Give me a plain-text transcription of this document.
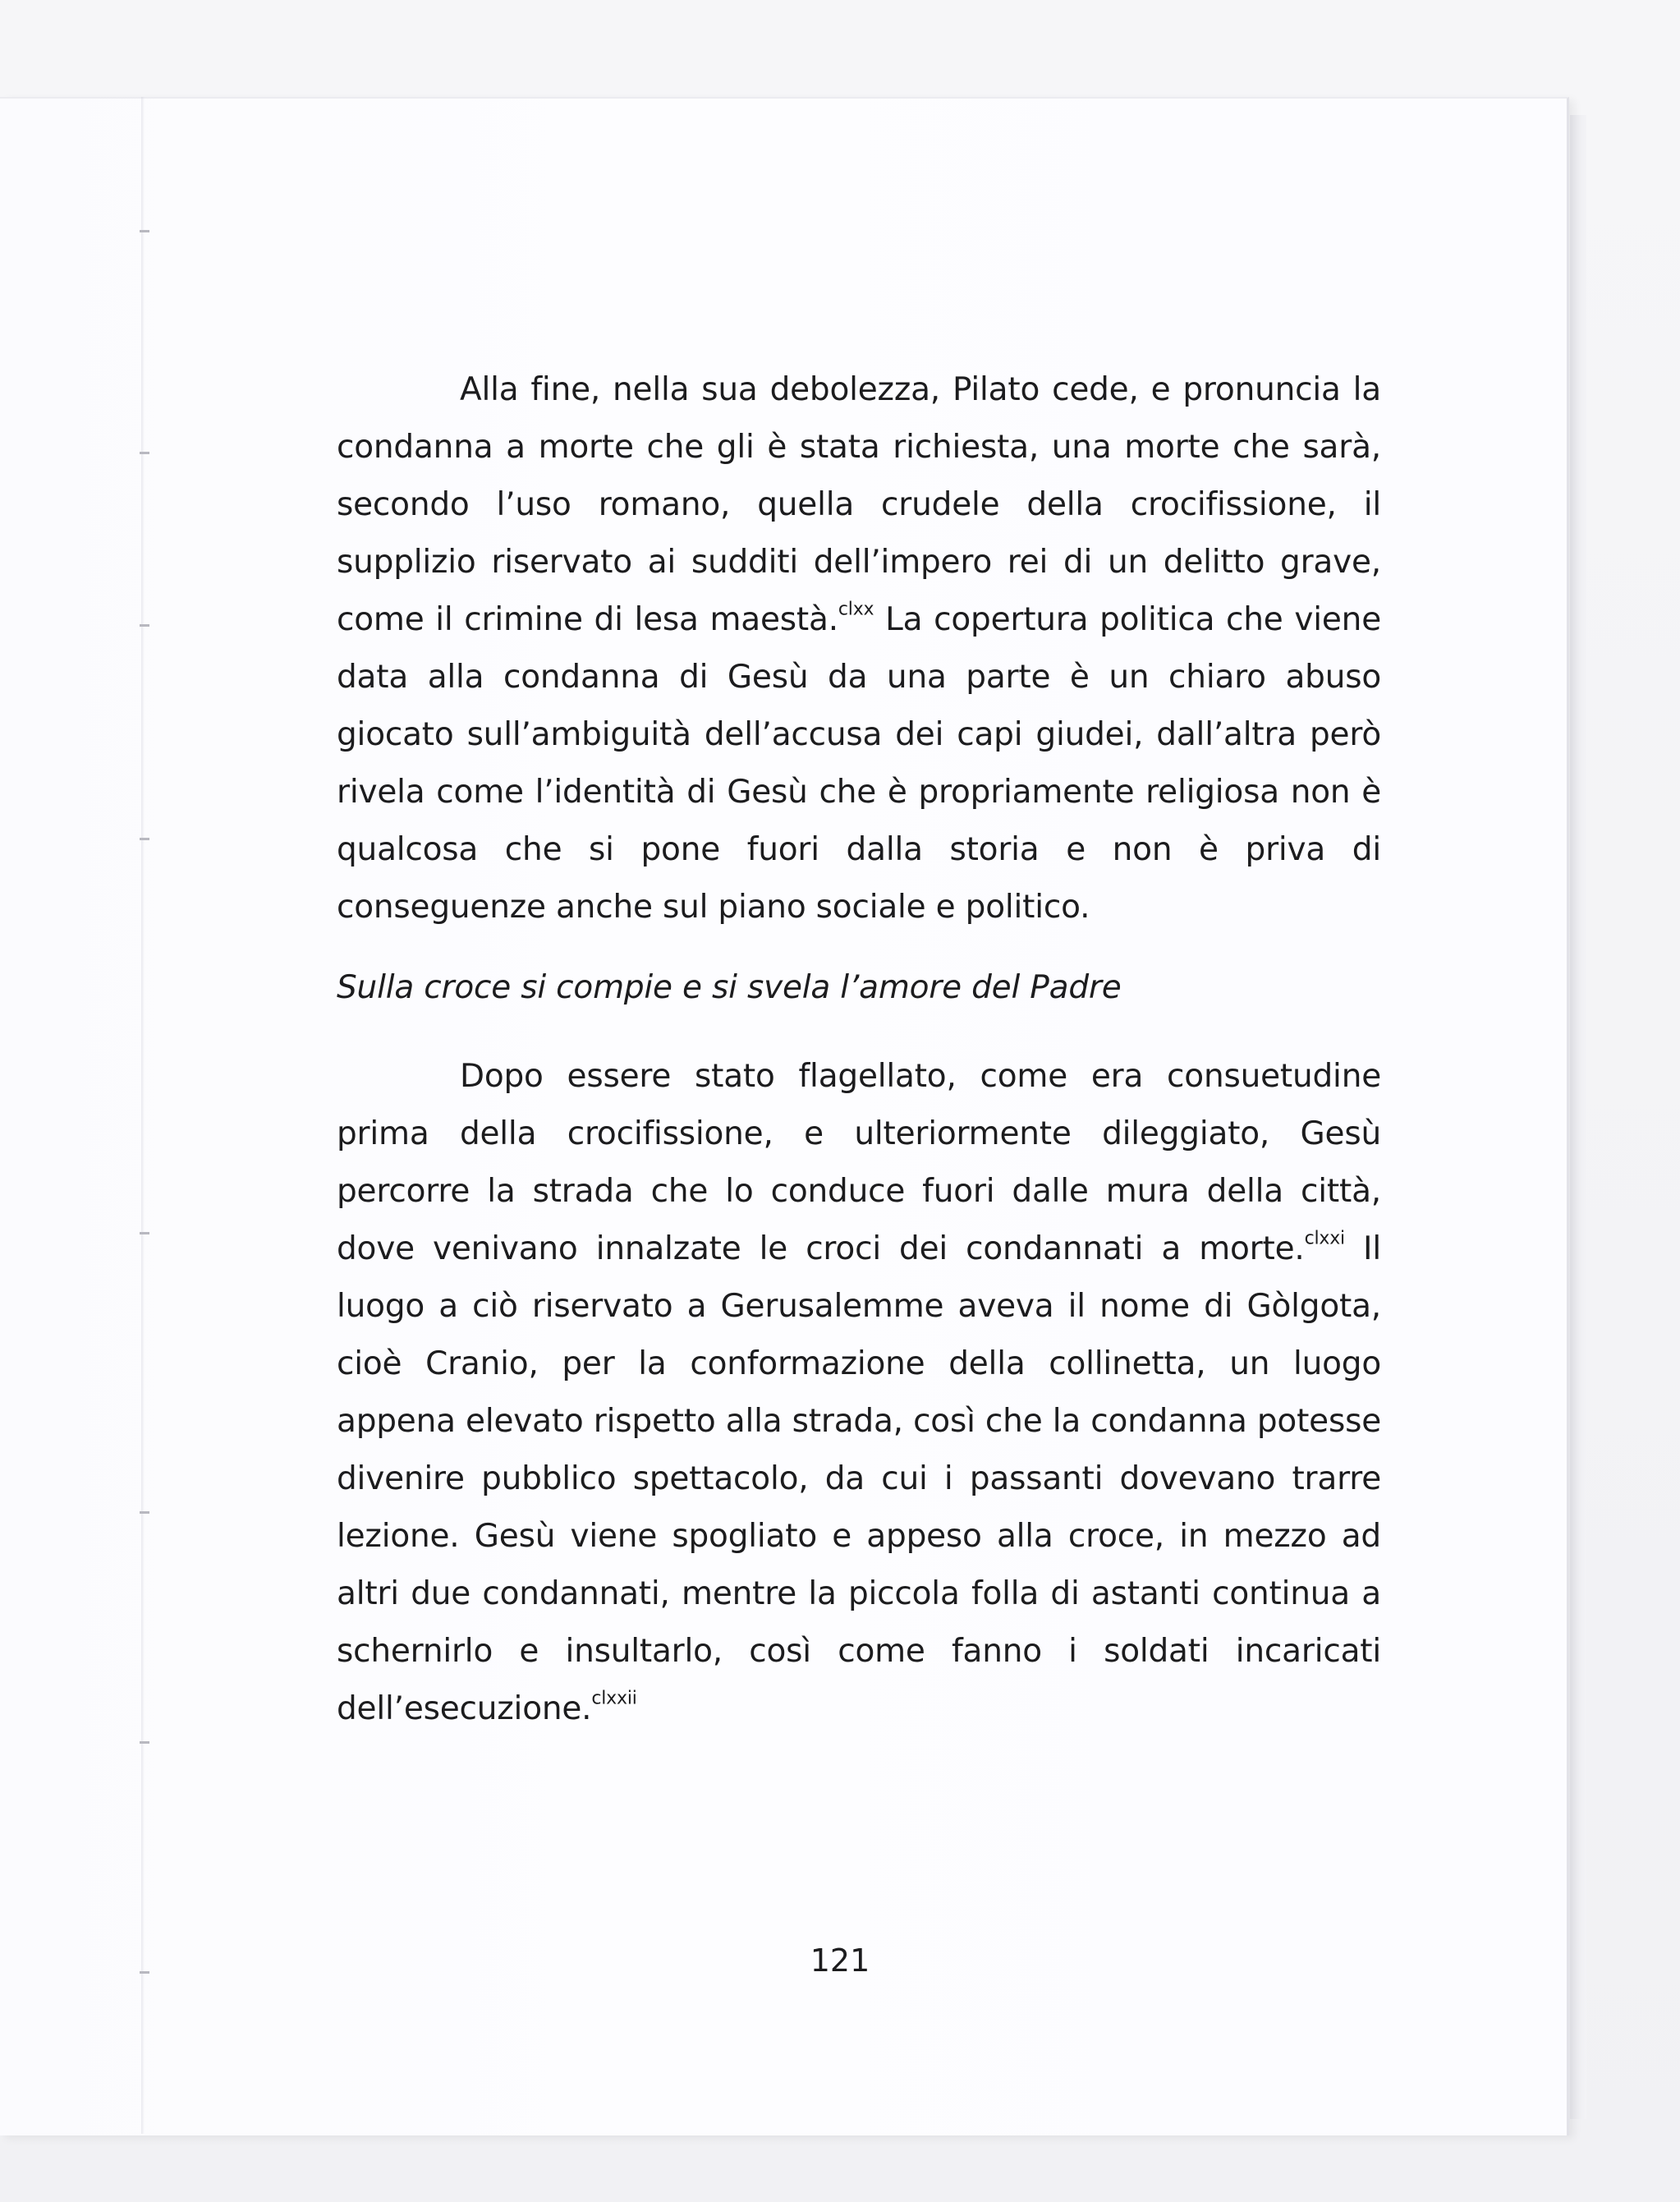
Alla fine, nella sua debolezza, Pilato cede, e pronuncia la condanna a morte che gli è stata richiesta, una morte che sarà, secondo l’uso romano, quella crudele della crocifissione, il supplizio riservato ai sudditi dell’impero rei di un delitto grave, come il crimine di lesa maestà.$^{clxx}$ La copertura politica che viene data alla condanna di Gesù da una parte è un chiaro abuso giocato sull’ambiguità dell’accusa dei capi giudei, dall’altra però rivela come l’identità di Gesù che è propriamente religiosa non è qualcosa che si pone fuori dalla storia e non è priva di conseguenze anche sul piano sociale e politico.

Sulla croce si compie e si svela l’amore del Padre

Dopo essere stato flagellato, come era consuetudine prima della crocifissione, e ulteriormente dileggiato, Gesù percorre la strada che lo conduce fuori dalle mura della città, dove venivano innalzate le croci dei condannati a morte.$^{clxxi}$ Il luogo a ciò riservato a Gerusalemme aveva il nome di Gòlgota, cioè Cranio, per la conformazione della collinetta, un luogo appena elevato rispetto alla strada, così che la condanna potesse divenire pubblico spettacolo, da cui i passanti dovevano trarre lezione. Gesù viene spogliato e appeso alla croce, in mezzo ad altri due condannati, mentre la piccola folla di astanti continua a schernirlo e insultarlo, così come fanno i soldati incaricati dell’esecuzione.$^{clxxii}$

121
